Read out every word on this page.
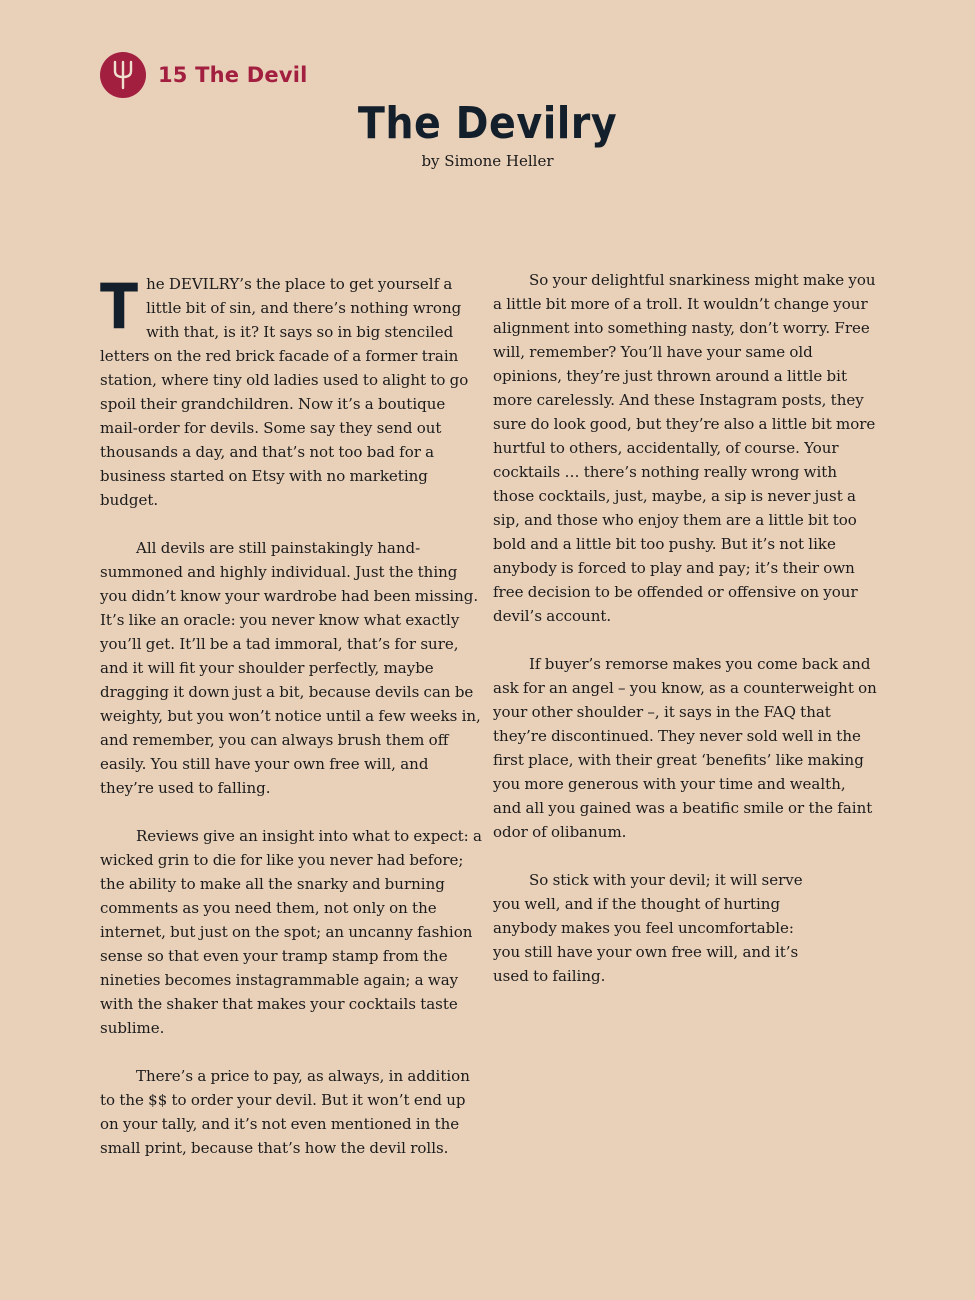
15 The Devil
The Devilry
by Simone Heller

The DEVILRY’s the place to get yourself a little bit of sin, and there’s nothing wrong with that, is it? It says so in big stenciled letters on the red brick facade of a former train station, where tiny old ladies used to alight to go spoil their grandchildren. Now it’s a boutique mail-order for devils. Some say they send out thousands a day, and that’s not too bad for a business started on Etsy with no marketing budget.

All devils are still painstakingly hand-summoned and highly individual. Just the thing you didn’t know your wardrobe had been missing. It’s like an oracle: you never know what exactly you’ll get. It’ll be a tad immoral, that’s for sure, and it will fit your shoulder perfectly, maybe dragging it down just a bit, because devils can be weighty, but you won’t notice until a few weeks in, and remember, you can always brush them off easily. You still have your own free will, and they’re used to falling.

Reviews give an insight into what to expect: a wicked grin to die for like you never had before; the ability to make all the snarky and burning comments as you need them, not only on the internet, but just on the spot; an uncanny fashion sense so that even your tramp stamp from the nineties becomes instagrammable again; a way with the shaker that makes your cocktails taste sublime.

There’s a price to pay, as always, in addition to the $$ to order your devil. But it won’t end up on your tally, and it’s not even mentioned in the small print, because that’s how the devil rolls.

So your delightful snarkiness might make you a little bit more of a troll. It wouldn’t change your alignment into something nasty, don’t worry. Free will, remember? You’ll have your same old opinions, they’re just thrown around a little bit more carelessly. And these Instagram posts, they sure do look good, but they’re also a little bit more hurtful to others, accidentally, of course. Your cocktails … there’s nothing really wrong with those cocktails, just, maybe, a sip is never just a sip, and those who enjoy them are a little bit too bold and a little bit too pushy. But it’s not like anybody is forced to play and pay; it’s their own free decision to be offended or offensive on your devil’s account.

If buyer’s remorse makes you come back and ask for an angel – you know, as a counterweight on your other shoulder –, it says in the FAQ that they’re discontinued. They never sold well in the first place, with their great ‘benefits’ like making you more generous with your time and wealth, and all you gained was a beatific smile or the faint odor of olibanum.

So stick with your devil; it will serve you well, and if the thought of hurting anybody makes you feel uncomfortable: you still have your own free will, and it’s used to failing.
